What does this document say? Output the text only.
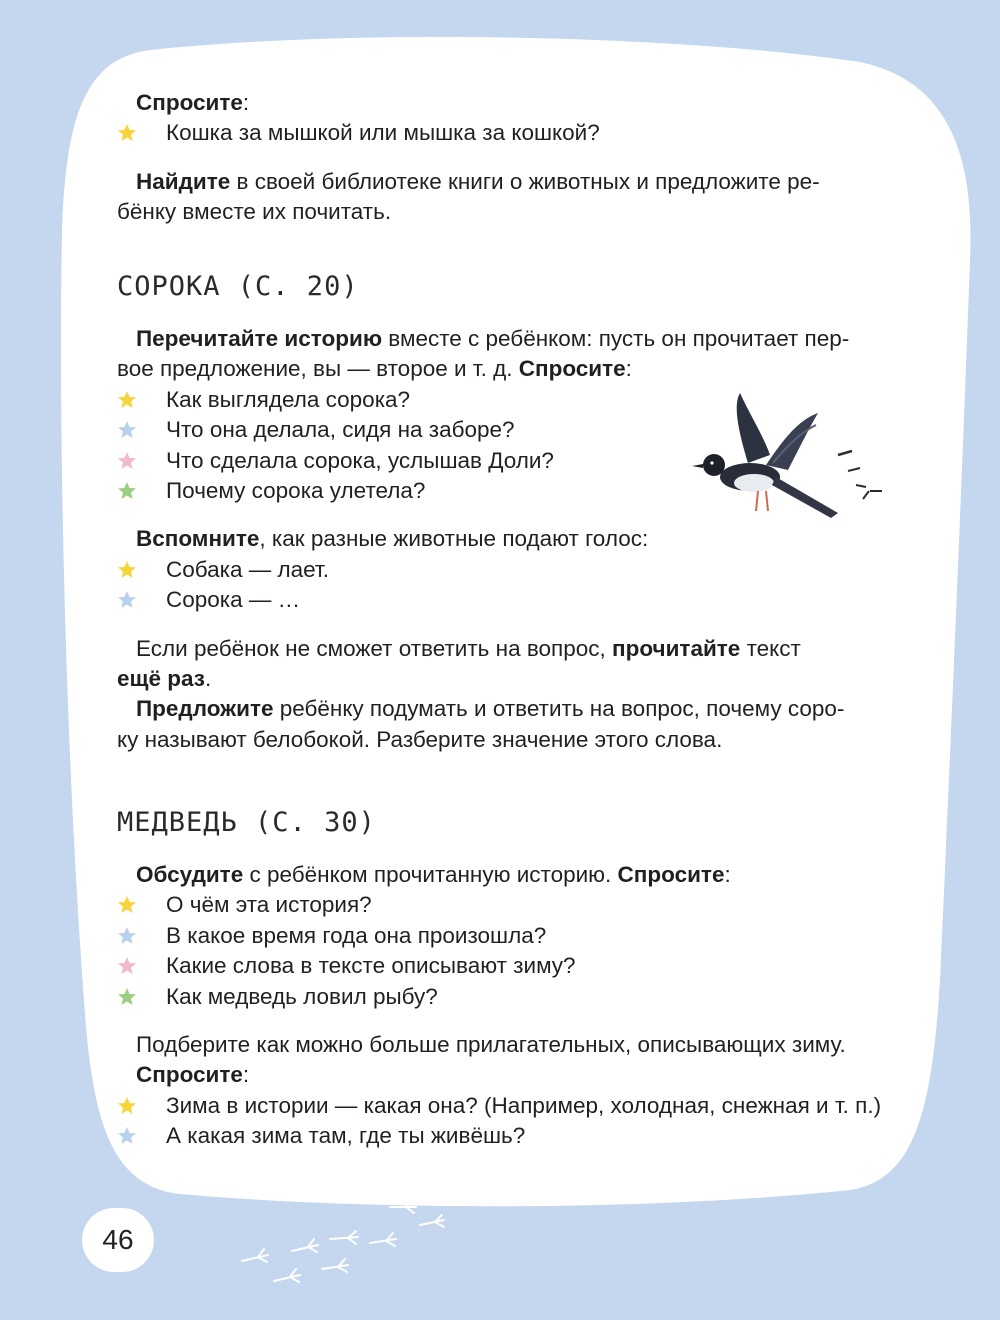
Спросите:

Кошка за мышкой или мышка за кошкой?

Найдите в своей библиотеке книги о животных и предложите ре-

бёнку вместе их почитать.

СОРОКА (С. 20)

Перечитайте историю вместе с ребёнком: пусть он прочитает пер-

вое предложение, вы — второе и т. д. Спросите:

Как выглядела сорока?
Что она делала, сидя на заборе?
Что сделала сорока, услышав Доли?
Почему сорока улетела?

Вспомните, как разные животные подают голос:

Собака — лает.
Сорока — …

Если ребёнок не сможет ответить на вопрос, прочитайте текст

ещё раз.

Предложите ребёнку подумать и ответить на вопрос, почему соро-

ку называют белобокой. Разберите значение этого слова.

МЕДВЕДЬ (С. 30)

Обсудите с ребёнком прочитанную историю. Спросите:

О чём эта история?
В какое время года она произошла?
Какие слова в тексте описывают зиму?
Как медведь ловил рыбу?

Подберите как можно больше прилагательных, описывающих зиму.

Спросите:

Зима в истории — какая она? (Например, холодная, снежная и т. п.)
А какая зима там, где ты живёшь?
46
